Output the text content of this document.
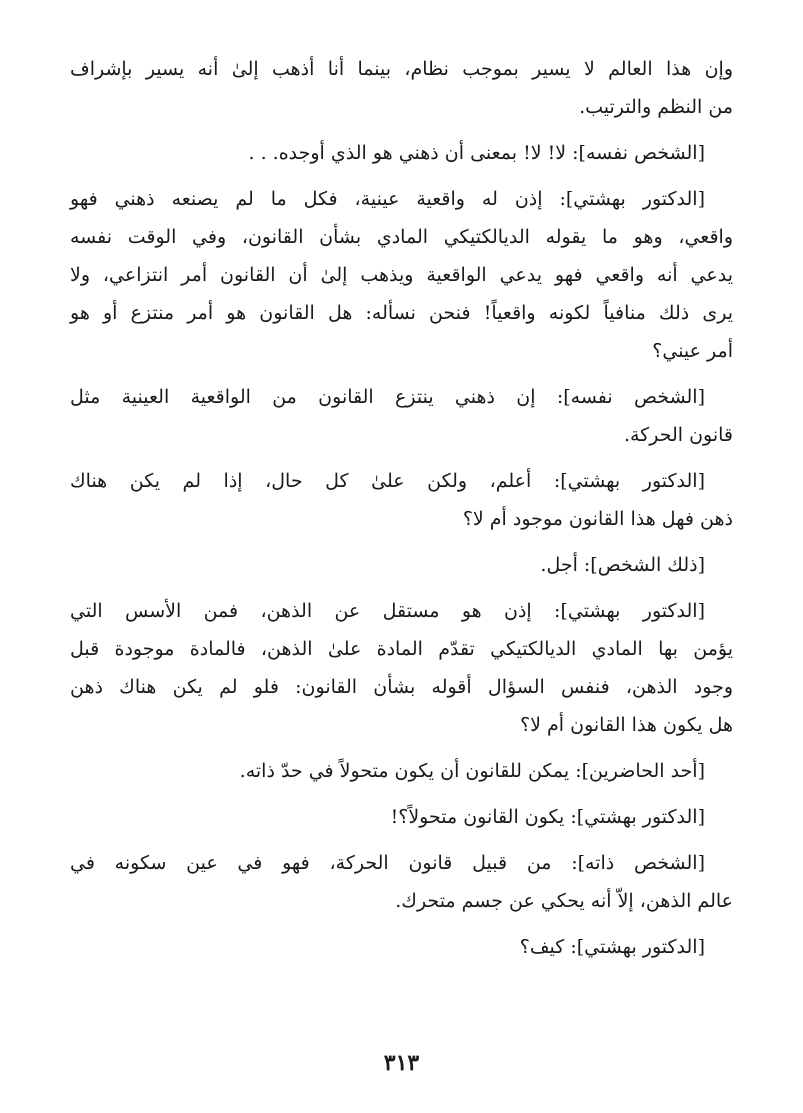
وإن هذا العالم لا يسير بموجب نظام، بينما أنا أذهب إلىٰ أنه يسير بإشراف
من النظم والترتيب.
[الشخص نفسه]: لا! لا! بمعنى أن ذهني هو الذي أوجده. . .
[الدكتور بهشتي]: إذن له واقعية عينية، فكل ما لم يصنعه ذهني فهو
واقعي، وهو ما يقوله الديالكتيكي المادي بشأن القانون، وفي الوقت نفسه
يدعي أنه واقعي فهو يدعي الواقعية ويذهب إلىٰ أن القانون أمر انتزاعي، ولا
يرى ذلك منافياً لكونه واقعياً! فنحن نسأله: هل القانون هو أمر منتزع أو هو
أمر عيني؟
[الشخص نفسه]: إن ذهني ينتزع القانون من الواقعية العينية مثل
قانون الحركة.
[الدكتور بهشتي]: أعلم، ولكن علىٰ كل حال، إذا لم يكن هناك
ذهن فهل هذا القانون موجود أم لا؟
[ذلك الشخص]: أجل.
[الدكتور بهشتي]: إذن هو مستقل عن الذهن، فمن الأسس التي
يؤمن بها المادي الديالكتيكي تقدّم المادة علىٰ الذهن، فالمادة موجودة قبل
وجود الذهن، فنفس السؤال أقوله بشأن القانون: فلو لم يكن هناك ذهن
هل يكون هذا القانون أم لا؟
[أحد الحاضرين]: يمكن للقانون أن يكون متحولاً في حدّ ذاته.
[الدكتور بهشتي]: يكون القانون متحولاً؟!
[الشخص ذاته]: من قبيل قانون الحركة، فهو في عين سكونه في
عالم الذهن، إلاّ أنه يحكي عن جسم متحرك.
[الدكتور بهشتي]: كيف؟
٣١٣
